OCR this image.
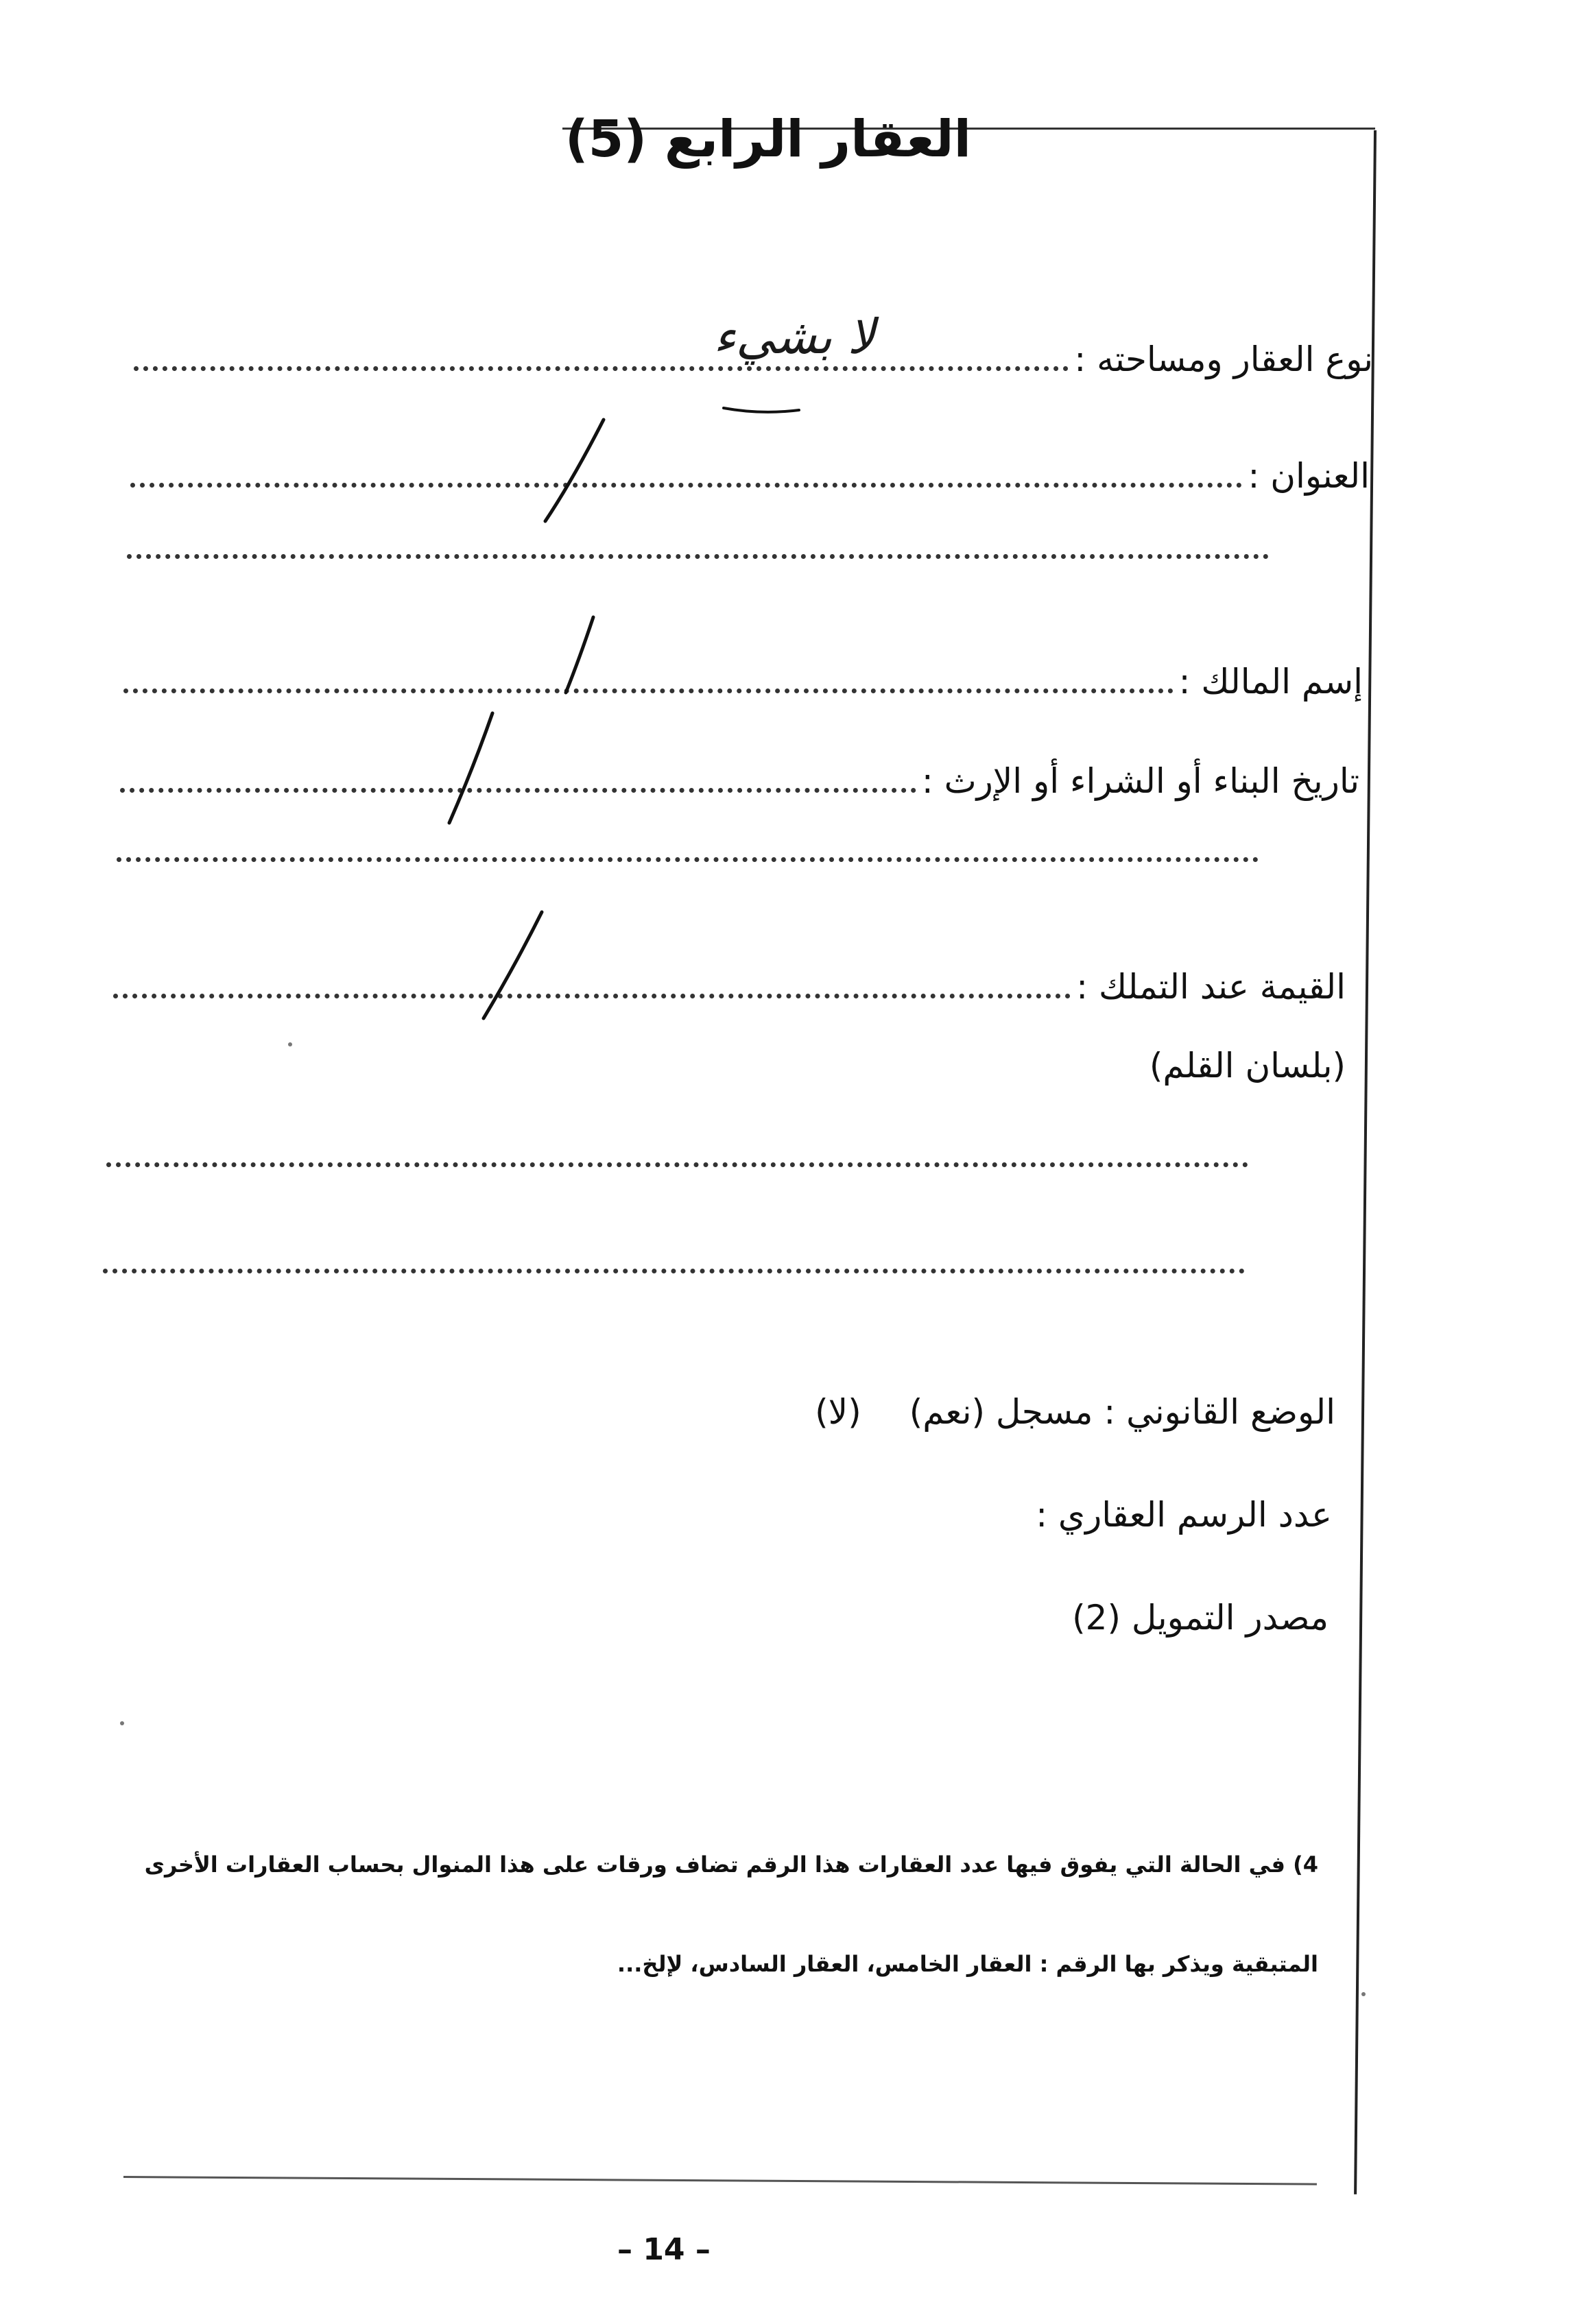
العقار الرابع (5)
نوع العقار ومساحته :
لا بشيء
العنوان :
إسم المالك :
تاريخ البناء أو الشراء أو الإرث :
القيمة عند التملك :
(بلسان القلم)
الوضع القانوني : مسجل (نعم)
(لا)
عدد الرسم العقاري :
مصدر التمويل (2)
4) في الحالة التي يفوق فيها عدد العقارات هذا الرقم تضاف ورقات على هذا المنوال بحساب العقارات الأخرى
المتبقية ويذكر بها الرقم : العقار الخامس، العقار السادس، لإلخ...
– 14 –
